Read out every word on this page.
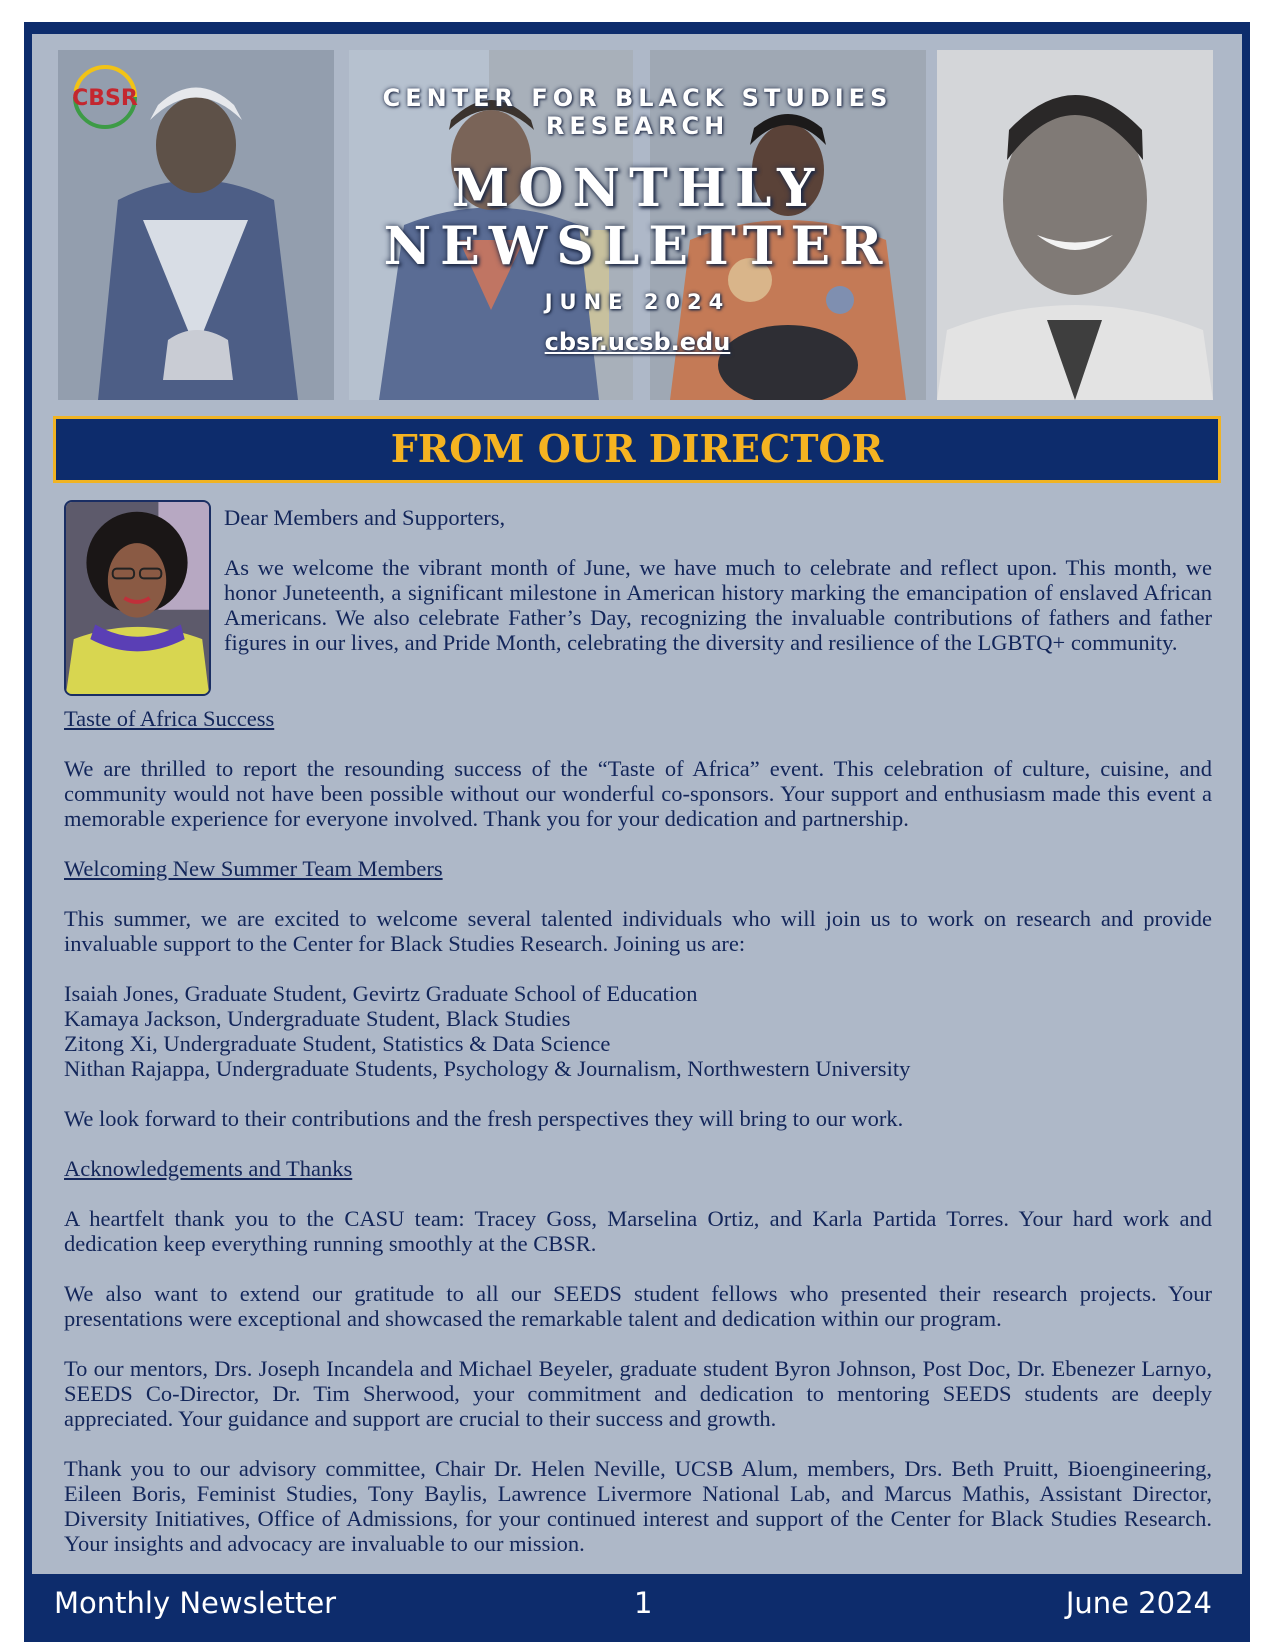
CBSR	CENTER FOR BLACK STUDIES RESEARCH
MONTHLY
NEWSLETTER
JUNE 2024
cbsr.ucsb.edu
FROM OUR DIRECTOR

Dear Members and Supporters,

As we welcome the vibrant month of June, we have much to celebrate and reflect upon. This month, we honor Juneteenth, a significant milestone in American history marking the emancipation of enslaved African Americans. We also celebrate Father’s Day, recognizing the invaluable contributions of fathers and father figures in our lives, and Pride Month, celebrating the diversity and resilience of the LGBTQ+ community.

Taste of Africa Success

We are thrilled to report the resounding success of the “Taste of Africa” event. This celebration of culture, cuisine, and community would not have been possible without our wonderful co-sponsors. Your support and enthusiasm made this event a memorable experience for everyone involved. Thank you for your dedication and partnership.

Welcoming New Summer Team Members

This summer, we are excited to welcome several talented individuals who will join us to work on research and provide invaluable support to the Center for Black Studies Research. Joining us are:

Isaiah Jones, Graduate Student, Gevirtz Graduate School of Education

Kamaya Jackson, Undergraduate Student, Black Studies

Zitong Xi, Undergraduate Student, Statistics & Data Science

Nithan Rajappa, Undergraduate Students, Psychology & Journalism, Northwestern University

We look forward to their contributions and the fresh perspectives they will bring to our work.

Acknowledgements and Thanks

A heartfelt thank you to the CASU team: Tracey Goss, Marselina Ortiz, and Karla Partida Torres. Your hard work and dedication keep everything running smoothly at the CBSR.

We also want to extend our gratitude to all our SEEDS student fellows who presented their research projects. Your presentations were exceptional and showcased the remarkable talent and dedication within our program.

To our mentors, Drs. Joseph Incandela and Michael Beyeler, graduate student Byron Johnson, Post Doc, Dr. Ebenezer Larnyo, SEEDS Co-Director, Dr. Tim Sherwood, your commitment and dedication to mentoring SEEDS students are deeply appreciated. Your guidance and support are crucial to their success and growth.

Thank you to our advisory committee, Chair Dr. Helen Neville, UCSB Alum, members, Drs. Beth Pruitt, Bioengineering, Eileen Boris, Feminist Studies, Tony Baylis, Lawrence Livermore National Lab, and Marcus Mathis, Assistant Director, Diversity Initiatives, Office of Admissions, for your continued interest and support of the Center for Black Studies Research. Your insights and advocacy are invaluable to our mission.

Monthly Newsletter	1	June 2024
